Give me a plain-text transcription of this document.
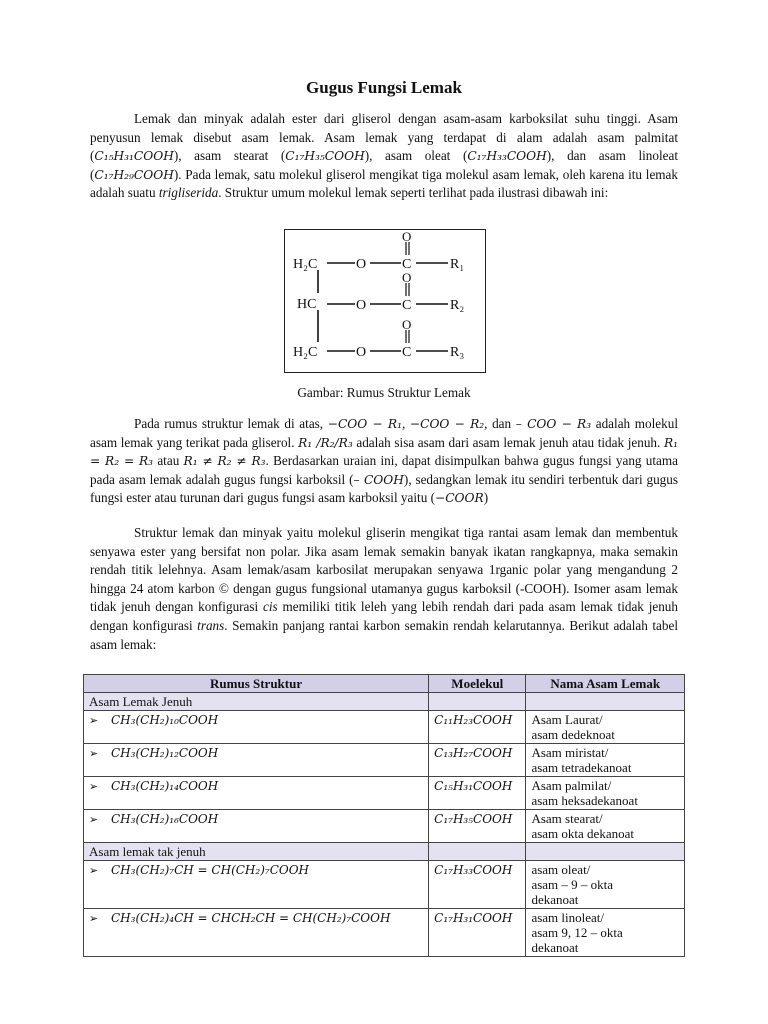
Gugus Fungsi Lemak

Lemak dan minyak adalah ester dari gliserol dengan asam-asam karboksilat suhu tinggi. Asam penyusun lemak disebut asam lemak. Asam lemak yang terdapat di alam adalah asam palmitat (C₁₅H₃₁COOH), asam stearat (C₁₇H₃₅COOH), asam oleat (C₁₇H₃₃COOH), dan asam linoleat (C₁₇H₂₉COOH). Pada lemak, satu molekul gliserol mengikat tiga molekul asam lemak, oleh karena itu lemak adalah suatu trigliserida. Struktur umum molekul lemak seperti terlihat pada ilustrasi dibawah ini:

H₂C	O	C
O
R₁
HC	O	C
O
R₂
H₂C	O	C
O
R₃
Gambar: Rumus Struktur Lemak

Pada rumus struktur lemak di atas, −COO − R₁, −COO − R₂, dan – COO − R₃ adalah molekul asam lemak yang terikat pada gliserol. R₁ /R₂/R₃ adalah sisa asam dari asam lemak jenuh atau tidak jenuh. R₁ = R₂ = R₃ atau R₁ ≠ R₂ ≠ R₃. Berdasarkan uraian ini, dapat disimpulkan bahwa gugus fungsi yang utama pada asam lemak adalah gugus fungsi karboksil (– COOH), sedangkan lemak itu sendiri terbentuk dari gugus fungsi ester atau turunan dari gugus fungsi asam karboksil yaitu (−COOR)

Struktur lemak dan minyak yaitu molekul gliserin mengikat tiga rantai asam lemak dan membentuk senyawa ester yang bersifat non polar. Jika asam lemak semakin banyak ikatan rangkapnya, maka semakin rendah titik lelehnya. Asam lemak/asam karbosilat merupakan senyawa 1rganic polar yang mengandung 2 hingga 24 atom karbon © dengan gugus fungsional utamanya gugus karboksil (-COOH). Isomer asam lemak tidak jenuh dengan konfigurasi cis memiliki titik leleh yang lebih rendah dari pada asam lemak tidak jenuh dengan konfigurasi trans. Semakin panjang rantai karbon semakin rendah kelarutannya. Berikut adalah tabel asam lemak:

Rumus Struktur	Moelekul	Nama Asam Lemak
Asam Lemak Jenuh		
➢ CH₃(CH₂)₁₀COOH	C₁₁H₂₃COOH	Asam Laurat/
asam dedeknoat

➢ CH₃(CH₂)₁₂COOH	C₁₃H₂₇COOH	Asam miristat/
asam tetradekanoat

➢ CH₃(CH₂)₁₄COOH	C₁₅H₃₁COOH	Asam palmilat/
asam heksadekanoat

➢ CH₃(CH₂)₁₆COOH	C₁₇H₃₅COOH	Asam stearat/
asam okta dekanoat

Asam lemak tak jenuh		
➢ CH₃(CH₂)₇CH = CH(CH₂)₇COOH	C₁₇H₃₃COOH	asam oleat/
asam – 9 – okta
dekanoat

➢ CH₃(CH₂)₄CH = CHCH₂CH = CH(CH₂)₇COOH	C₁₇H₃₁COOH	asam linoleat/
asam 9, 12 – okta
dekanoat
